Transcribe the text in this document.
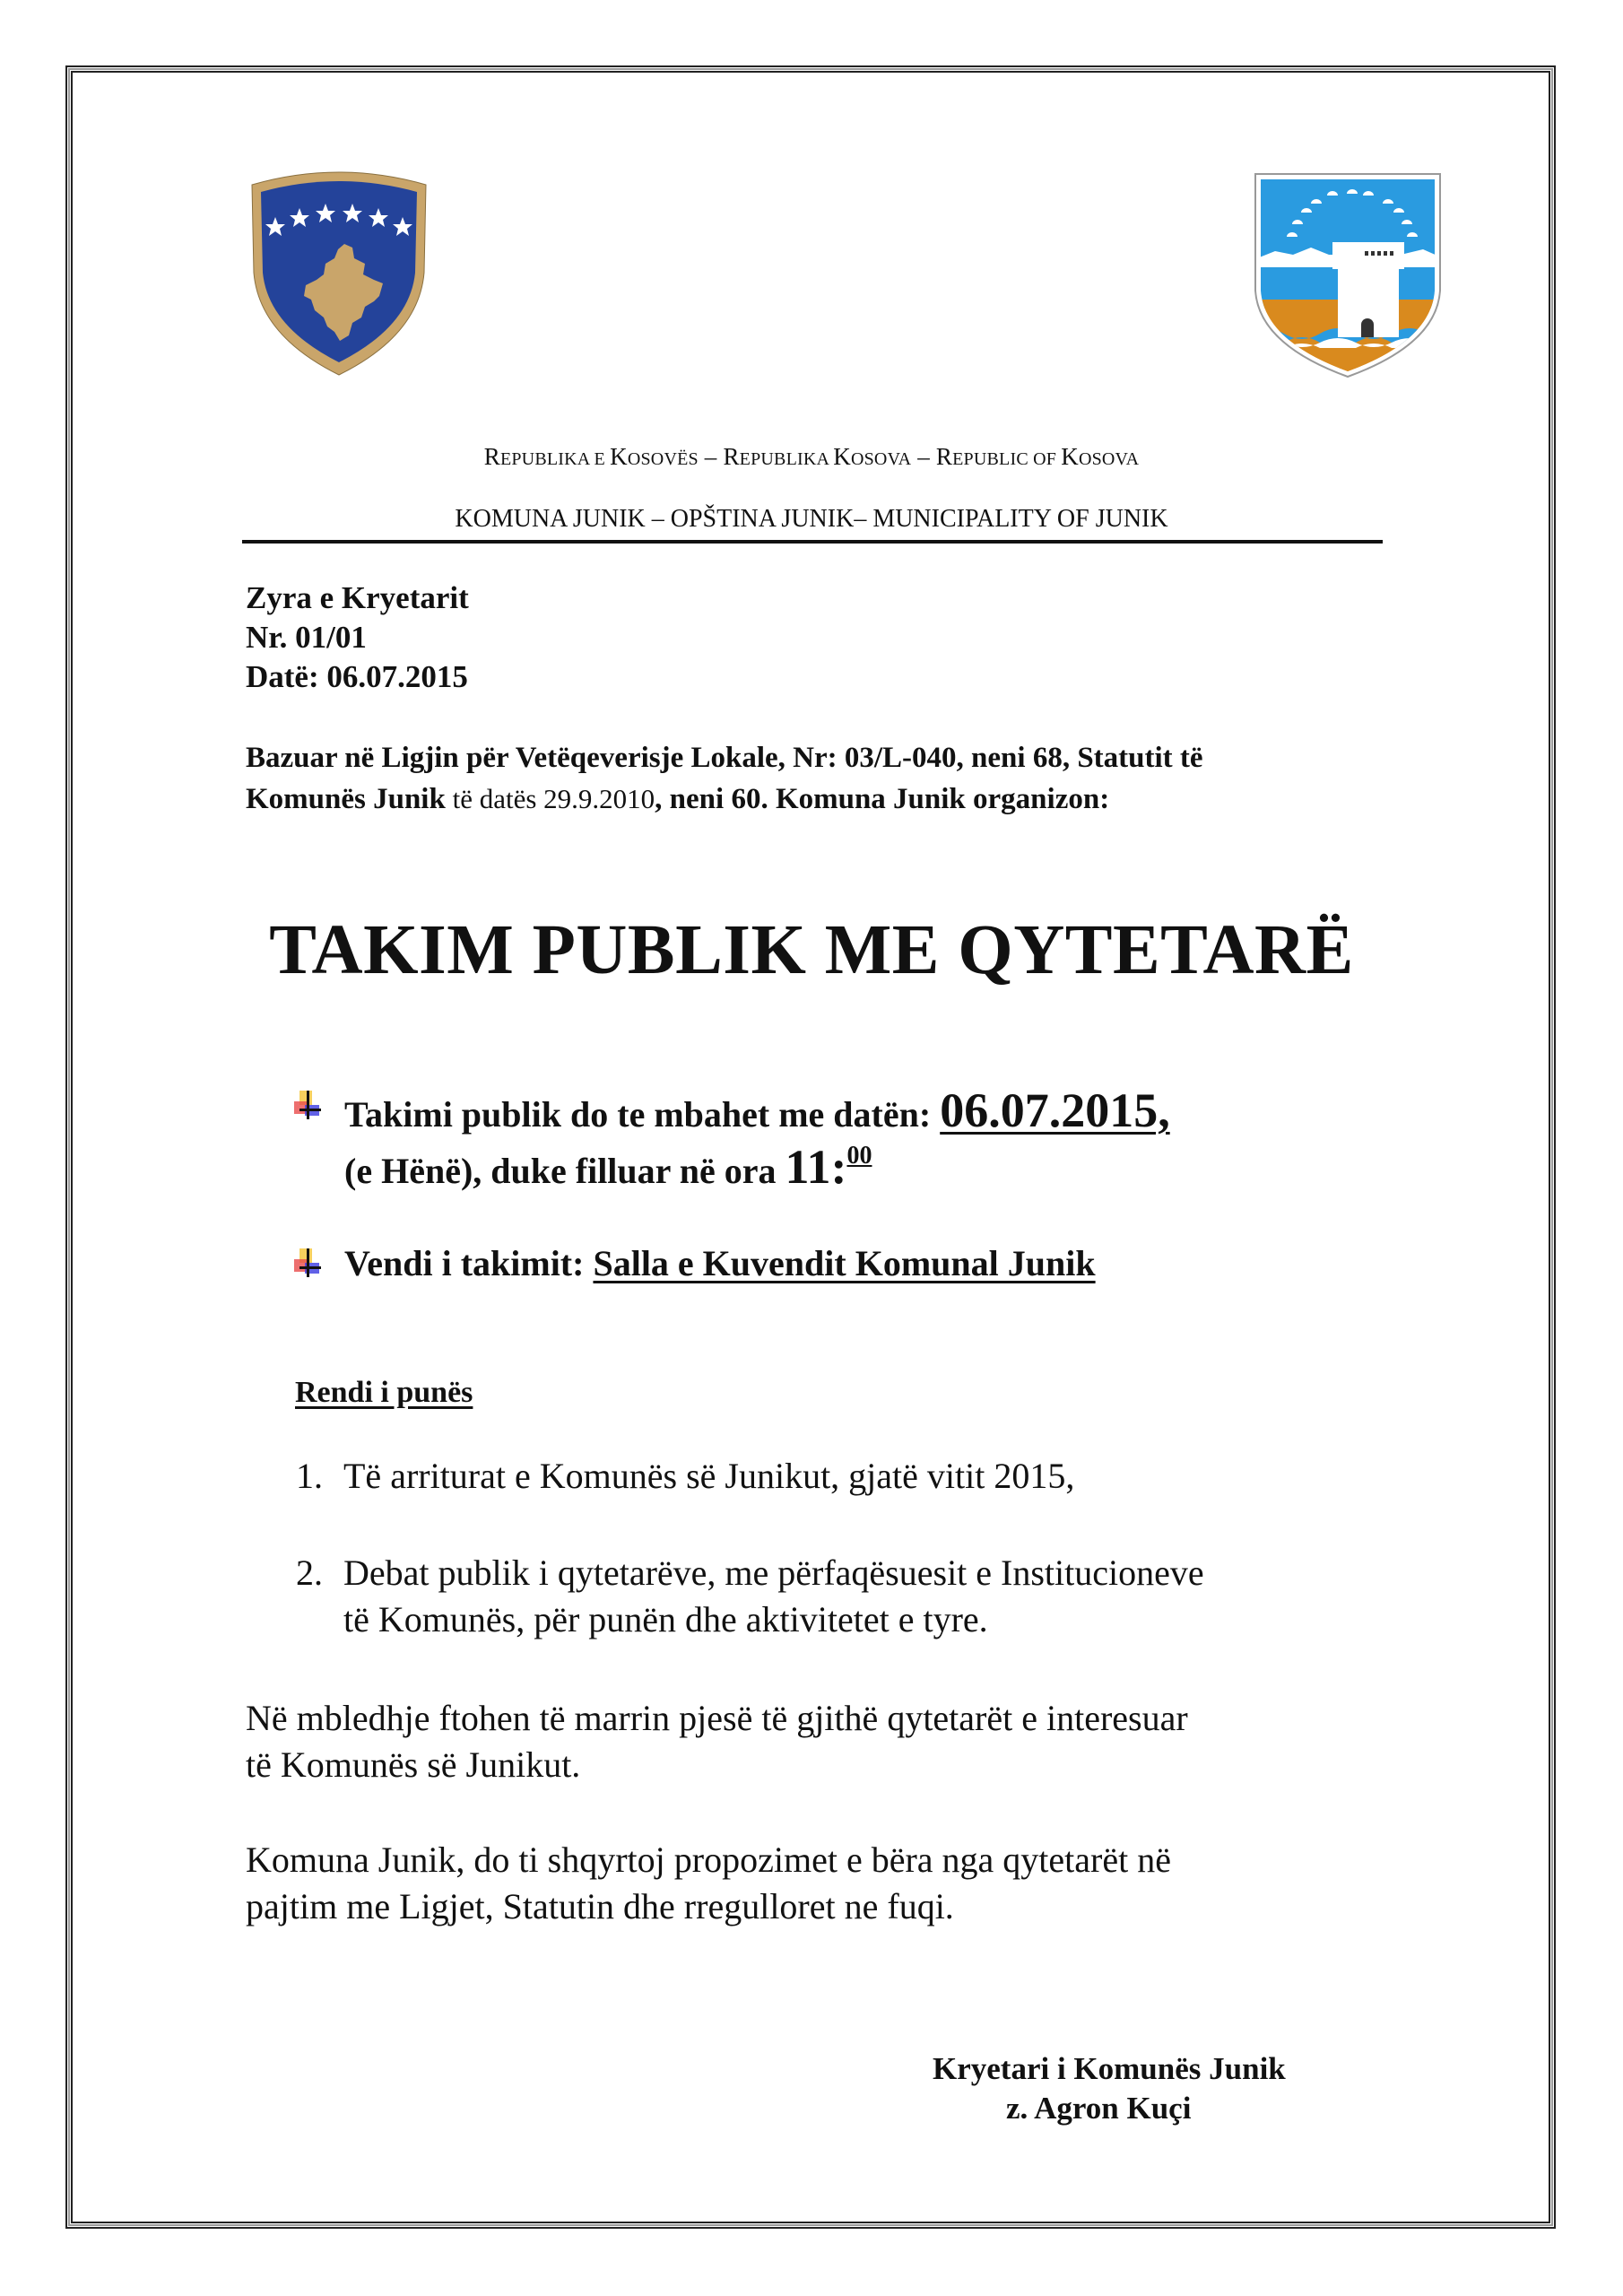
REPUBLIKA E KOSOVËS – REPUBLIKA KOSOVA – REPUBLIC OF KOSOVA
KOMUNA JUNIK – OPŠTINA JUNIK– MUNICIPALITY OF JUNIK
Zyra e Kryetarit
Nr. 01/01
Datë: 06.07.2015
Bazuar në Ligjin për Vetëqeverisje Lokale, Nr: 03/L-040, neni 68, Statutit të
Komunës Junik të datës 29.9.2010, neni 60. Komuna Junik organizon:
TAKIM PUBLIK ME QYTETARË
Takimi publik do te mbahet me datën: 06.07.2015,
(e Hënë), duke filluar në ora 11:$^{00}$
Vendi i takimit: Salla e Kuvendit Komunal Junik
Rendi i punës
1. Të arriturat e Komunës së Junikut, gjatë vitit 2015,
2. Debat publik i qytetarëve, me përfaqësuesit e Institucioneve
të Komunës, për punën dhe aktivitetet e tyre.
Në mbledhje ftohen të marrin pjesë të gjithë qytetarët e interesuar
të Komunës së Junikut.
Komuna Junik, do ti shqyrtoj propozimet e bëra nga qytetarët në
pajtim me Ligjet, Statutin dhe rregulloret ne fuqi.
Kryetari i Komunës Junik
z. Agron Kuçi
